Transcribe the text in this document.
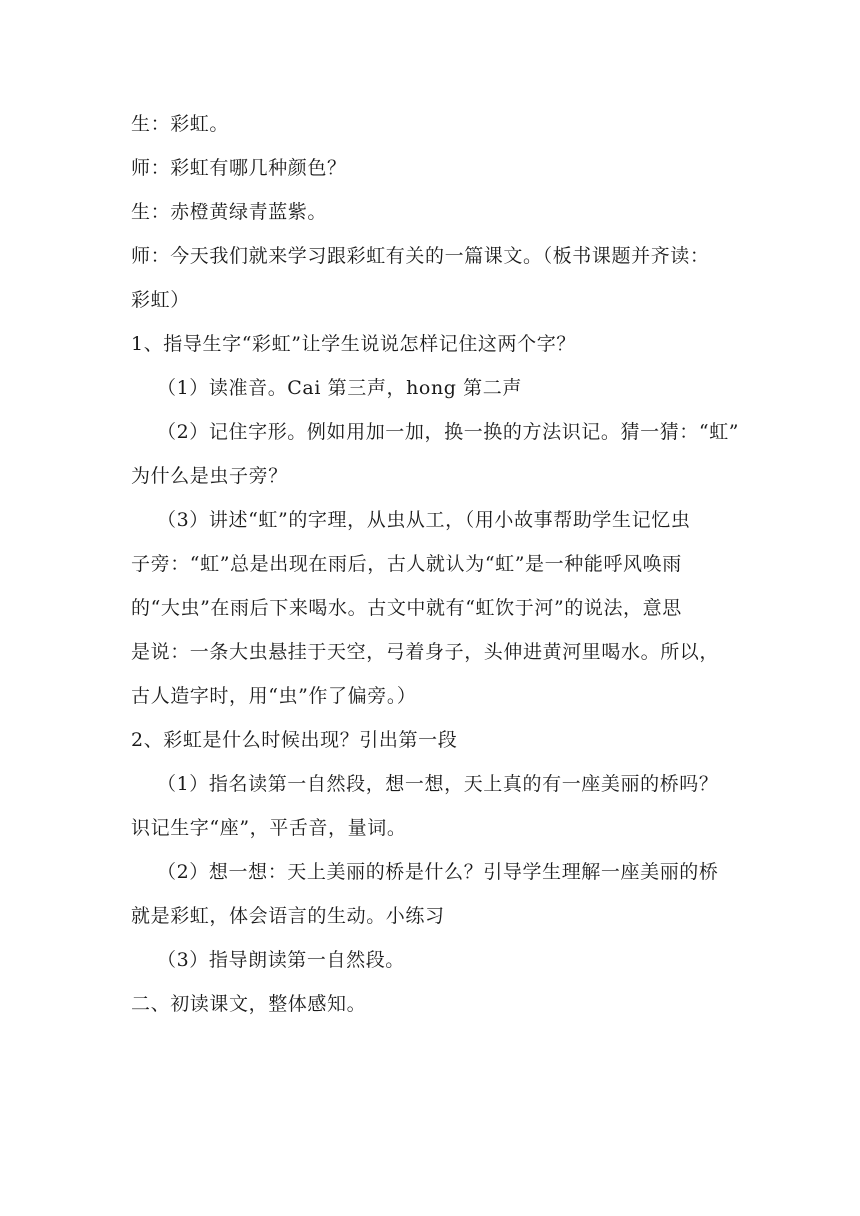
生：彩虹。

师：彩虹有哪几种颜色？

生：赤橙黄绿青蓝紫。

师：今天我们就来学习跟彩虹有关的一篇课文。（板书课题并齐读：

彩虹）

1、指导生字“彩虹”让学生说说怎样记住这两个字？

（1）读准音。Cai 第三声，hong 第二声

（2）记住字形。例如用加一加，换一换的方法识记。猜一猜：“虹”

为什么是虫子旁？

（3）讲述“虹”的字理，从虫从工，（用小故事帮助学生记忆虫

子旁：“虹”总是出现在雨后，古人就认为“虹”是一种能呼风唤雨

的“大虫”在雨后下来喝水。古文中就有“虹饮于河”的说法，意思

是说：一条大虫悬挂于天空，弓着身子，头伸进黄河里喝水。所以，

古人造字时，用“虫”作了偏旁。）

2、彩虹是什么时候出现？引出第一段

（1）指名读第一自然段，想一想，天上真的有一座美丽的桥吗？

识记生字“座”，平舌音，量词。

（2）想一想：天上美丽的桥是什么？引导学生理解一座美丽的桥

就是彩虹，体会语言的生动。小练习

（3）指导朗读第一自然段。

二、初读课文，整体感知。
